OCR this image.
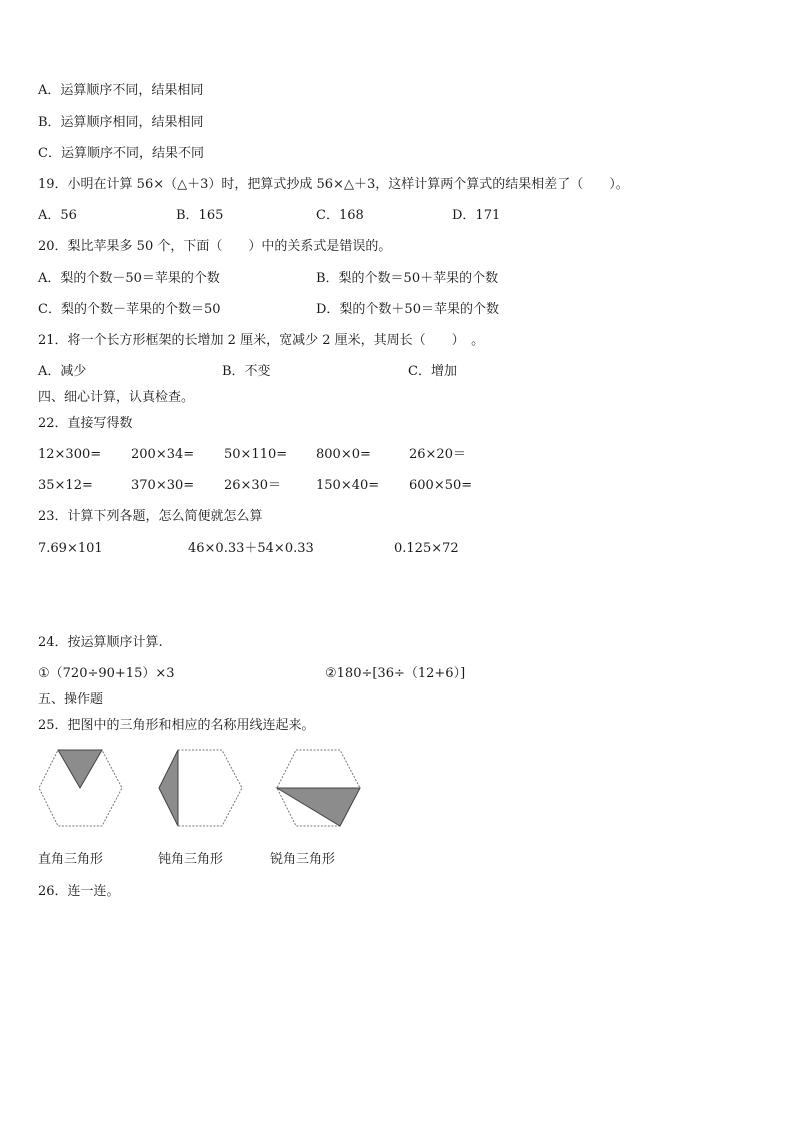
A．运算顺序不同，结果相同
B．运算顺序相同，结果相同
C．运算顺序不同，结果不同
19．小明在计算 56×（△＋3）时，把算式抄成 56×△＋3，这样计算两个算式的结果相差了（　　）。
A．56	B．165	C．168	D．171
20．梨比苹果多 50 个，下面（　　）中的关系式是错误的。
A．梨的个数－50＝苹果的个数	B．梨的个数＝50＋苹果的个数
C．梨的个数－苹果的个数＝50	D．梨的个数＋50＝苹果的个数
21．将一个长方形框架的长增加 2 厘米，宽减少 2 厘米，其周长（　　）　。
A．减少	B．不变	C．增加
四、细心计算，认真检查。
22．直接写得数
12×300= 200×34= 50×110= 800×0=	26×20＝
35×12=	370×30= 26×30＝	150×40= 600×50=
23．计算下列各题，怎么简便就怎么算
7.69×101	46×0.33＋54×0.33	0.125×72
24．按运算顺序计算.
①（720÷90+15）×3	②180÷[36÷（12+6）]
五、操作题
25．把图中的三角形和相应的名称用线连起来。
直角三角形	钝角三角形	锐角三角形
26．连一连。
